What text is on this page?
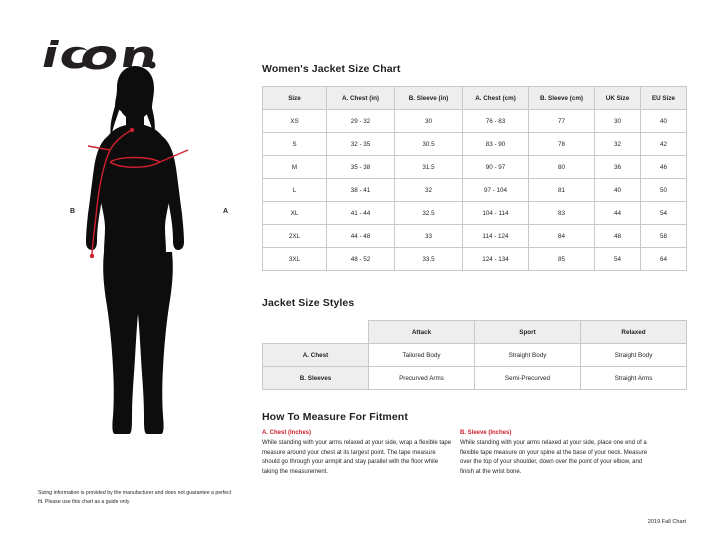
B	A
Sizing information is provided by the manufacturer and does not guarantee a perfect fit. Please use this chart as a guide only
Women's Jacket Size Chart
Size	A. Chest (in)	B. Sleeve (in)	A. Chest (cm)	B. Sleeve (cm)	UK Size	EU Size
XS	29 - 32	30	76 - 83	77	30	40
S	32 - 35	30.5	83 - 90	78	32	42
M	35 - 38	31.5	90 - 97	80	36	46
L	38 - 41	32	97 - 104	81	40	50
XL	41 - 44	32.5	104 - 114	83	44	54
2XL	44 - 48	33	114 - 124	84	48	58
3XL	48 - 52	33.5	124 - 134	85	54	64
Jacket Size Styles
	Attack	Sport	Relaxed
A. Chest	Tailored Body	Straight Body	Straight Body
B. Sleeves	Precurved Arms	Semi-Precurved	Straight Arms
How To Measure For Fitment
A. Chest (Inches)
While standing with your arms relaxed at your side, wrap a flexible tape measure around your chest at its largest point. The tape measure should go through your armpit and stay parallel with the floor while taking the measurement.
B. Sleeve (Inches)
While standing with your arms relaxed at your side, place one end of a flexible tape measure on your spine at the base of your neck. Measure over the top of your shoulder, down over the point of your elbow, and finish at the wrist bone.
2019 Fall Chart
